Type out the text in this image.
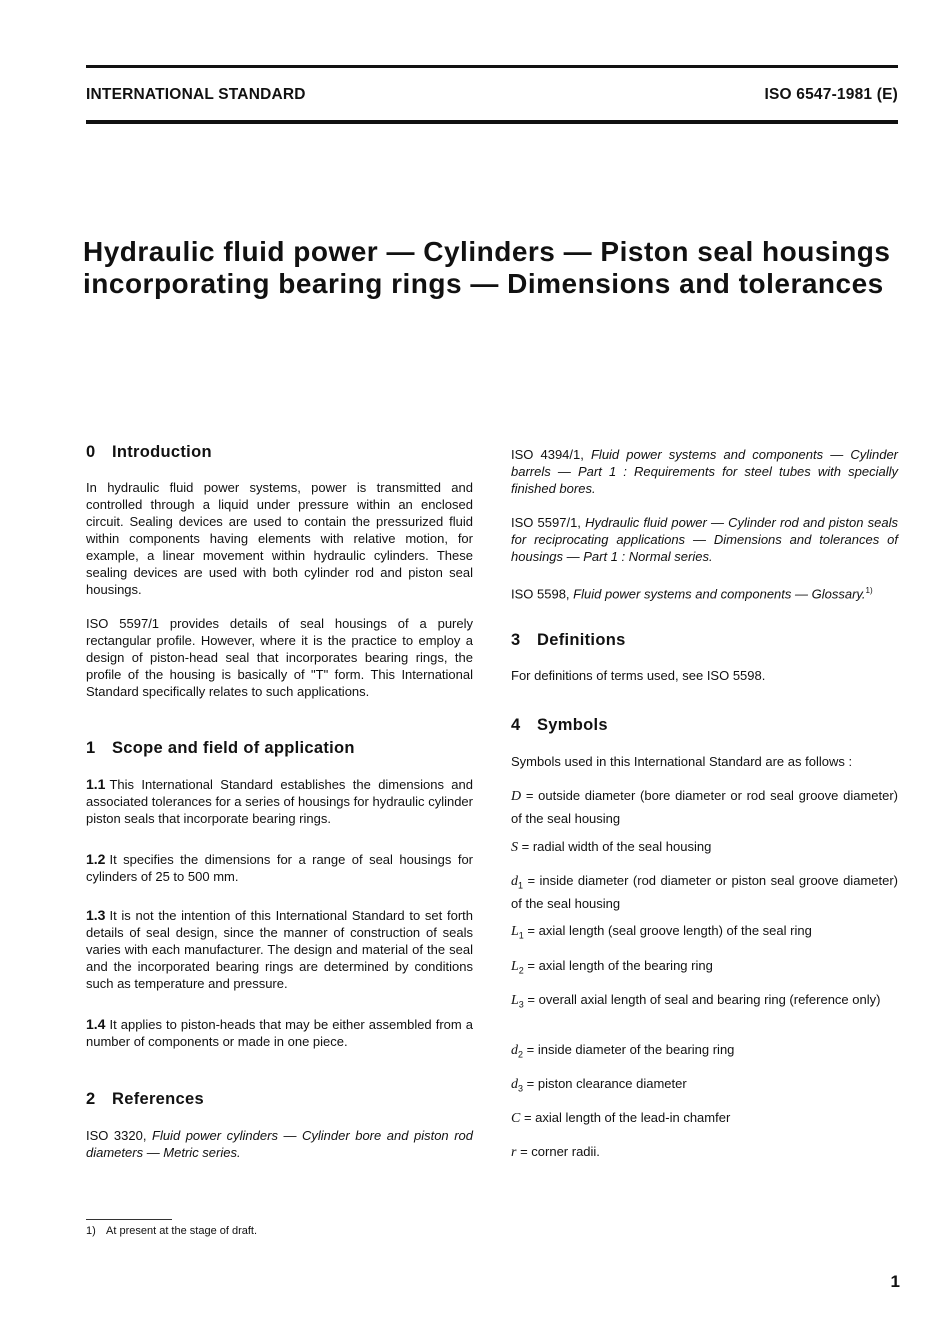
INTERNATIONAL STANDARD	ISO 6547-1981 (E)
Hydraulic fluid power — Cylinders — Piston seal housings
incorporating bearing rings — Dimensions and tolerances
0 Introduction
In hydraulic fluid power systems, power is transmitted and controlled through a liquid under pressure within an enclosed circuit. Sealing devices are used to contain the pressurized fluid within components having elements with relative motion, for example, a linear movement within hydraulic cylinders. These sealing devices are used with both cylinder rod and piston seal housings.
ISO 5597/1 provides details of seal housings of a purely rectangular profile. However, where it is the practice to employ a design of piston-head seal that incorporates bearing rings, the profile of the housing is basically of "T" form. This International Standard specifically relates to such applications.
1 Scope and field of application
1.1 This International Standard establishes the dimensions and associated tolerances for a series of housings for hydraulic cylinder piston seals that incorporate bearing rings.
1.2 It specifies the dimensions for a range of seal housings for cylinders of 25 to 500 mm.
1.3 It is not the intention of this International Standard to set forth details of seal design, since the manner of construction of seals varies with each manufacturer. The design and material of the seal and the incorporated bearing rings are determined by conditions such as temperature and pressure.
1.4 It applies to piston-heads that may be either assembled from a number of components or made in one piece.
2 References
ISO 3320, Fluid power cylinders — Cylinder bore and piston rod diameters — Metric series.
ISO 4394/1, Fluid power systems and components — Cylinder barrels — Part 1 : Requirements for steel tubes with specially finished bores.
ISO 5597/1, Hydraulic fluid power — Cylinder rod and piston seals for reciprocating applications — Dimensions and tolerances of housings — Part 1 : Normal series.
ISO 5598, Fluid power systems and components — Glossary.$^{1)}$
3 Definitions
For definitions of terms used, see ISO 5598.
4 Symbols
Symbols used in this International Standard are as follows :
D = outside diameter (bore diameter or rod seal groove diameter) of the seal housing
S = radial width of the seal housing
$d_1$ = inside diameter (rod diameter or piston seal groove diameter) of the seal housing
$L_1$ = axial length (seal groove length) of the seal ring
$L_2$ = axial length of the bearing ring
$L_3$ = overall axial length of seal and bearing ring (reference only)
$d_2$ = inside diameter of the bearing ring
$d_3$ = piston clearance diameter
C = axial length of the lead-in chamfer
r = corner radii.
1) At present at the stage of draft.
1
